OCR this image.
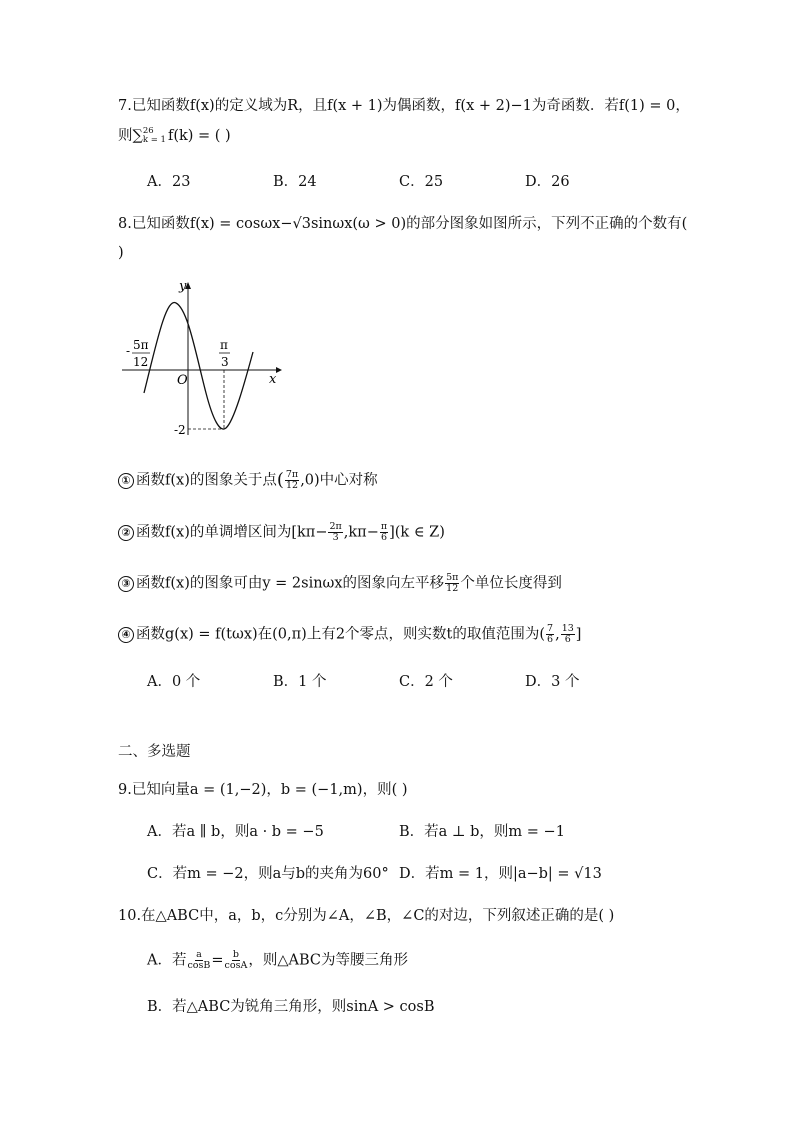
7.已知函数f(x)的定义域为R，且f(x + 1)为偶函数，f(x + 2)−1为奇函数．若f(1) = 0，
则∑ 26
k = 1 f(k) = ( )
A．23	B．24	C．25	D．26
8.已知函数f(x) = cosωx−√3sinωx(ω > 0)的部分图象如图所示，下列不正确的个数有(
)
y
x
O
- 5π
12
π
3
-2
① 函数f(x)的图象关于点( $\frac{7\pi}{12} ,0$)中心对称
② 函数f(x)的单调增区间为$[k\pi- \frac{2\pi}{3} ,k\pi- \frac{\pi}{6} ](k$ ∈ Z)
③ 函数f(x)的图象可由y = 2sinωx的图象向左平移 $\frac{5\pi}{12}$ 个单位长度得到
④ 函数g(x) = f(tωx)在(0,π)上有2个零点，则实数t的取值范围为( $\frac{7}{6}$ , $\frac{13}{6}$ ]
A．0 个	B．1 个	C．2 个	D．3 个
二、多选题
9.已知向量a = (1,−2)，b = (−1,m)，则( )
A．若a ∥ b，则a · b = −5	B．若a ⊥ b，则m = −1
C．若m = −2，则a与b的夹角为60° D．若m = 1，则|a−b| = √13
10.在△ABC中，a，b，c分别为∠A，∠B，∠C的对边，下列叙述正确的是( )
A．若 $\frac{a}{\cos B} = \frac{b}{\cos A}$ ，则△ABC为等腰三角形
B．若△ABC为锐角三角形，则sinA > cosB
